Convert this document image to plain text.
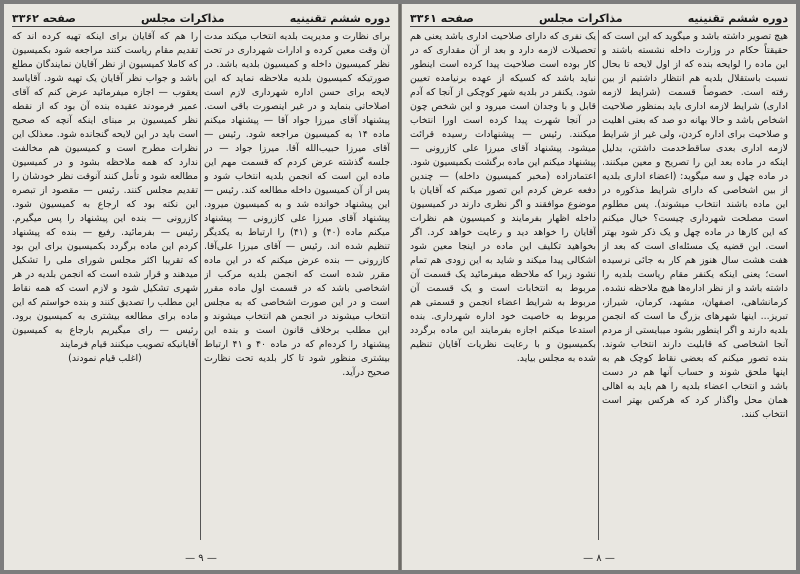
دوره ششم تقنینیه
مذاکرات مجلس
صفحه ۳۳۶۲

برای نظارت و مدیریت بلدیه انتخاب میکند مدت آن وقت معین کرده و ادارات شهرداری در تحت نظر کمیسیون داخله و کمیسیون بلدیه باشد. در صورتیکه کمیسیون بلدیه ملاحظه نماید که این لایحه برای حسن اداره شهرداری لازم است اصلاحاتی بنماید و در غیر اینصورت باقی است. پیشنهاد آقای میرزا جواد آقا — پیشنهاد میکنم ماده ۱۴ به کمیسیون مراجعه شود. رئیس — آقای میرزا حبیب‌الله آقا. میرزا جواد — در جلسه گذشته عرض کردم که قسمت مهم این ماده این است که انجمن بلدیه انتخاب شود و پس از آن کمیسیون داخله مطالعه کند. رئیس — این پیشنهاد خوانده شد و به کمیسیون میرود. پیشنهاد آقای میرزا علی کازرونی — پیشنهاد میکنم ماده (۴۰) و (۴۱) را ارتباط به یکدیگر تنظیم شده اند. رئیس — آقای میرزا علی‌آقا. کازرونی — بنده عرض میکنم که در این ماده مقرر شده است که انجمن بلدیه مرکب از اشخاصی باشد که در قسمت اول ماده مقرر است و در این صورت اشخاصی که به مجلس انتخاب میشوند در انجمن هم انتخاب میشوند و این مطلب برخلاف قانون است و بنده این پیشنهاد را کرده‌ام که در ماده ۴۰ و ۴۱ ارتباط بیشتری منظور شود تا کار بلدیه تحت نظارت صحیح درآید.

را هم که آقایان برای اینکه تهیه کرده اند که تقدیم مقام ریاست کنند مراجعه شود بکمیسیون که کاملا کمیسیون از نظر آقایان نمایندگان مطلع باشد و جواب نظر آقایان یک تهیه شود. آقایاسد یعقوب — اجازه میفرمائید عرض کنم که آقای عمیر فرمودند عقیده بنده آن بود که از نقطه نظر کمیسیون بر مبنای اینکه آنچه که صحیح است باید در این لایحه گنجانده شود. معذلک این نظرات مطرح است و کمیسیون هم مخالفت ندارد که همه ملاحظه بشود و در کمیسیون مطالعه شود و تأمل کنند آنوقت نظر خودشان را تقدیم مجلس کنند. رئیس — مقصود از تبصره این نکته بود که ارجاع به کمیسیون شود. کازرونی — بنده این پیشنهاد را پس میگیرم. رئیس — بفرمائید. رفیع — بنده که پیشنهاد کردم این ماده برگردد بکمیسیون برای این بود که تقریبا اکثر مجلس شورای ملی را تشکیل میدهند و قرار شده است که انجمن بلدیه در هر شهری تشکیل شود و لازم است که همه نقاط این مطلب را تصدیق کنند و بنده خواستم که این ماده برای مطالعه بیشتری به کمیسیون برود. رئیس — رای میگیریم بارجاع به کمیسیون آقایانیکه تصویب میکنند قیام فرمایند

(اغلب قیام نمودند)

— ۹ —
دوره ششم تقنینیه
مذاکرات مجلس
صفحه ۳۳۶۱

هیچ تصویر داشته باشد و میگوید که این است که حقیقتاً حکام در وزارت داخله نشسته باشند و این ماده را لوایحه بنده که از اول لایحه تا بحال نسبت باستقلال بلدیه هم انتظار داشتیم از بین رفته است. خصوصاً قسمت (شرایط لازمه اداری) شرایط لازمه اداری باید بمنظور صلاحیت اشخاص باشد و حالا بهانه دو صد که بعنی اهلیت و صلاحیت برای اداره کردن، ولی غیر از شرایط لازمه اداری بعدی ساقط‌خدمت داشتن، بدلیل اینکه در ماده بعد این را تصریح و معین میکنند. در ماده چهل و سه میگوید: (اعضاء اداری بلدیه از بین اشخاصی که دارای شرایط مذکوره در این ماده باشند انتخاب میشوند). پس مطلوم است مصلحت شهرداری چیست؟ خیال میکنم که این کارها در ماده چهل و یک ذکر شود بهتر است. این قضیه یک مسئله‌ای است که بعد از هفت هشت سال هنوز هم کار به جائی نرسیده است؛ یعنی اینکه یکنفر مقام ریاست بلدیه را داشته باشد و از نظر اداره‌ها هیچ ملاحظه نشده. کرمانشاهی، اصفهان، مشهد، کرمان، شیراز، تبریز... اینها شهرهای بزرگ ما است که انجمن بلدیه دارند و اگر اینطور بشود میبایستی از مردم آنجا اشخاصی که قابلیت دارند انتخاب شوند. بنده تصور میکنم که بعضی نقاط کوچک هم به اینها ملحق شوند و حساب آنها هم در دست باشد و انتخاب اعضاء بلدیه را هم باید به اهالی همان محل واگذار کرد که هرکس بهتر است انتخاب کنند.

یک نفری که دارای صلاحیت اداری باشد یعنی هم تحصیلات لازمه دارد و بعد از آن مقداری که در کار بوده است صلاحیت پیدا کرده است اینطور نباید باشد که کسیکه از عهده برنیامده تعیین شود. یکنفر در بلدیه شهر کوچکی از آنجا که آدم قابل و با وجدان است میرود و این شخص چون در آنجا شهرت پیدا کرده است اورا انتخاب میکنند. رئیس — پیشنهادات رسیده قرائت میشود. پیشنهاد آقای میرزا علی کازرونی — پیشنهاد میکنم این ماده برگشت بکمیسیون شود. اعتمادزاده (مخبر کمیسیون داخله) — چندین دفعه عرض کردم این تصور میکنم که آقایان با موضوع موافقند و اگر نظری دارند در کمیسیون داخله اظهار بفرمایند و کمیسیون هم نظرات آقایان را خواهد دید و رعایت خواهد کرد. اگر بخواهید تکلیف این ماده در اینجا معین شود اشکالی پیدا میکند و شاید به این زودی هم تمام نشود زیرا که ملاحظه میفرمائید یک قسمت آن مربوط به انتخابات است و یک قسمت آن مربوط به شرایط اعضاء انجمن و قسمتی هم مربوط به خاصیت خود اداره شهرداری. بنده استدعا میکنم اجازه بفرمایند این ماده برگردد بکمیسیون و با رعایت نظریات آقایان تنظیم شده به مجلس بیاید.

— ۸ —
